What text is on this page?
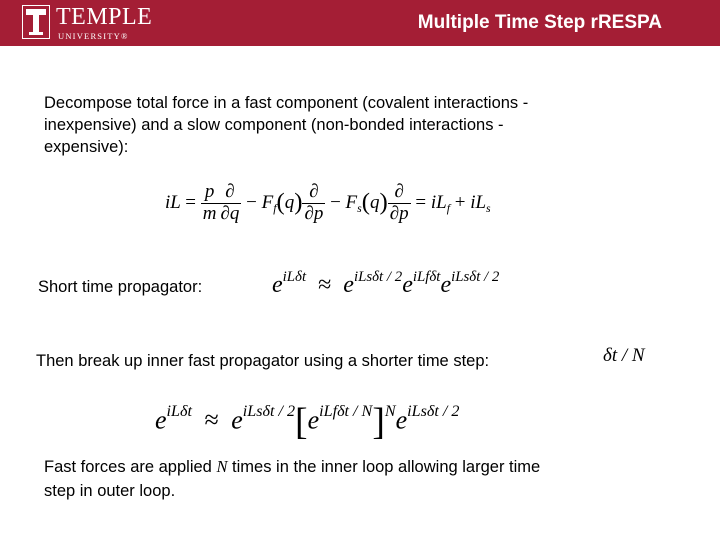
TEMPLE
UNIVERSITY®
Multiple Time Step rRESPA
Decompose total force in a fast component (covalent interactions -
inexpensive) and a slow component (non-bonded interactions -
expensive):
iL = $\frac{p}{m} \frac{\partial}{\partial q} - F_f(q) \frac{\partial}{\partial p} - F_s(q) \frac{\partial}{\partial p} = iL_f + iL_s$
Short time propagator:	$e^{iL\delta t} \approx e^{iLs\delta t / 2}e^{iLf\delta t}e^{iLs\delta t / 2}$
Then break up inner fast propagator using a shorter time step:	δt / N
$e^{iL\delta t} \approx e^{iLs\delta t / 2}[e^{iLf\delta t / N}]^Ne^{iLs\delta t / 2}$
Fast forces are applied N times in the inner loop allowing larger time
step in outer loop.
